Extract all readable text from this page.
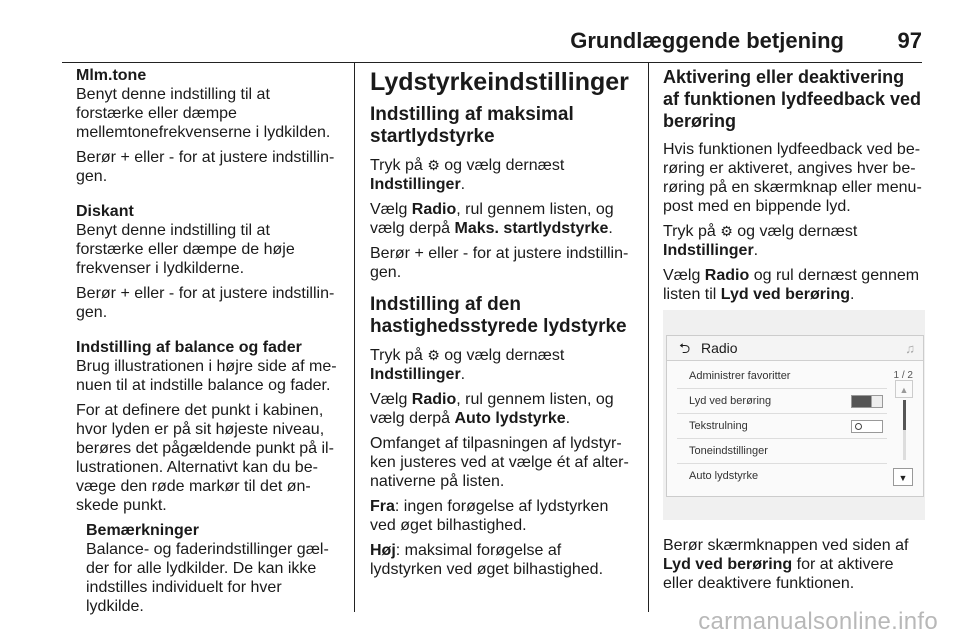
Grundlæggende betjening 97
Mlm.tone

Benyt denne indstilling til at forstærke eller dæmpe mellemtonefrekvenserne i lydkilden.

Berør + eller - for at justere indstillingen.

Diskant

Benyt denne indstilling til at forstærke eller dæmpe de høje frekvenser i lydkilderne.

Berør + eller - for at justere indstillingen.

Indstilling af balance og fader

Brug illustrationen i højre side af menuen til at indstille balance og fader.

For at definere det punkt i kabinen, hvor lyden er på sit højeste niveau, berøres det pågældende punkt på illustrationen. Alternativt kan du bevæge den røde markør til det ønskede punkt.

Bemærkninger

Balance- og faderindstillinger gælder for alle lydkilder. De kan ikke indstilles individuelt for hver lydkilde.

Lydstyrkeindstillinger
Indstilling af maksimal startlydstyrke

Tryk på ⚙ og vælg dernæst Indstillinger.

Vælg Radio, rul gennem listen, og vælg derpå Maks. startlydstyrke.

Berør + eller - for at justere indstillingen.

Indstilling af den hastighedsstyrede lydstyrke

Tryk på ⚙ og vælg dernæst Indstillinger.

Vælg Radio, rul gennem listen, og vælg derpå Auto lydstyrke.

Omfanget af tilpasningen af lydstyrken justeres ved at vælge ét af alternativerne på listen.

Fra: ingen forøgelse af lydstyrken ved øget bilhastighed.

Høj: maksimal forøgelse af lydstyrken ved øget bilhastighed.

Aktivering eller deaktivering af funktionen lydfeedback ved berøring

Hvis funktionen lydfeedback ved berøring er aktiveret, angives hver berøring på en skærmknap eller menupost med en bippende lyd.

Tryk på ⚙ og vælg dernæst Indstillinger.

Vælg Radio og rul dernæst gennem listen til Lyd ved berøring.

⮌ Radio	♫
Administrer favoritter
Lyd ved berøring
Tekstrulning
Toneindstillinger
Auto lydstyrke
1 / 2
▲
▼

Berør skærmknappen ved siden af Lyd ved berøring for at aktivere eller deaktivere funktionen.

carmanualsonline.info
